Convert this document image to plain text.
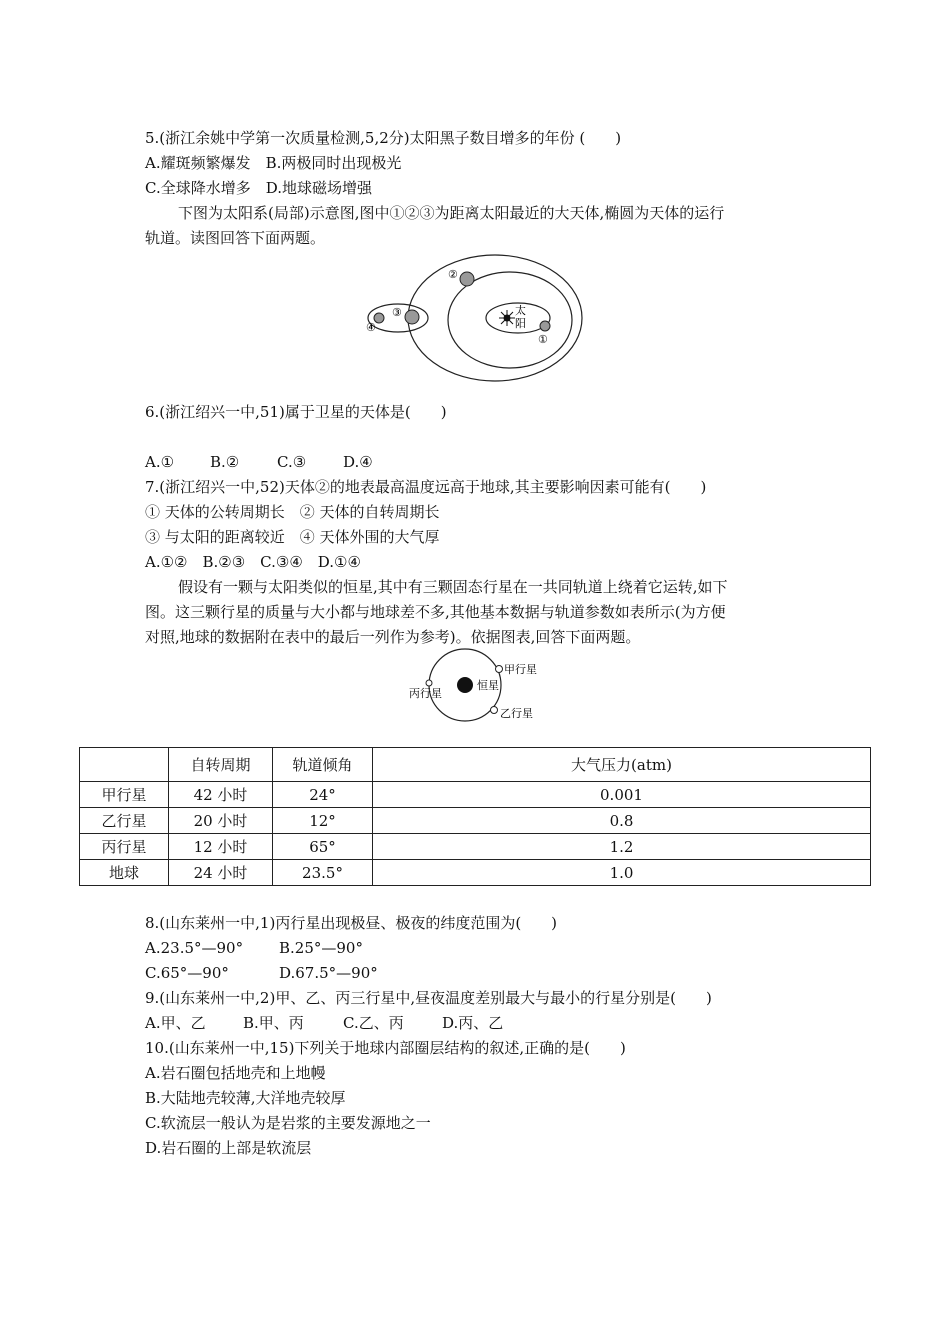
5.(浙江余姚中学第一次质量检测,5,2分)太阳黑子数目增多的年份 (　　)
A.耀斑频繁爆发　B.两极同时出现极光
C.全球降水增多　D.地球磁场增强
下图为太阳系(局部)示意图,图中①②③为距离太阳最近的大天体,椭圆为天体的运行
轨道。读图回答下面两题。
太
阳
①
②
③
④
6.(浙江绍兴一中,51)属于卫星的天体是(　　)
A.① B.②	C.③ D.④
7.(浙江绍兴一中,52)天体②的地表最高温度远高于地球,其主要影响因素可能有(　　)
① 天体的公转周期长　② 天体的自转周期长
③ 与太阳的距离较近　④ 天体外围的大气厚
A.①②　B.②③　C.③④　D.①④
假设有一颗与太阳类似的恒星,其中有三颗固态行星在一共同轨道上绕着它运转,如下
图。这三颗行星的质量与大小都与地球差不多,其他基本数据与轨道参数如表所示(为方便
对照,地球的数据附在表中的最后一列作为参考)。依据图表,回答下面两题。
恒星
甲行星
乙行星
丙行星
	自转周期	轨道倾角	大气压力(atm)
甲行星	42 小时	24°	0.001
乙行星	20 小时	12°	0.8
丙行星	12 小时	65°	1.2
地球	24 小时	23.5°	1.0
8.(山东莱州一中,1)丙行星出现极昼、极夜的纬度范围为(　　)
A.23.5°—90° B.25°—90°
C.65°—90°	D.67.5°—90°
9.(山东莱州一中,2)甲、乙、丙三行星中,昼夜温度差别最大与最小的行星分别是(　　)
A.甲、乙 B.甲、丙	C.乙、丙	D.丙、乙
10.(山东莱州一中,15)下列关于地球内部圈层结构的叙述,正确的是(　　)
A.岩石圈包括地壳和上地幔
B.大陆地壳较薄,大洋地壳较厚
C.软流层一般认为是岩浆的主要发源地之一
D.岩石圈的上部是软流层
